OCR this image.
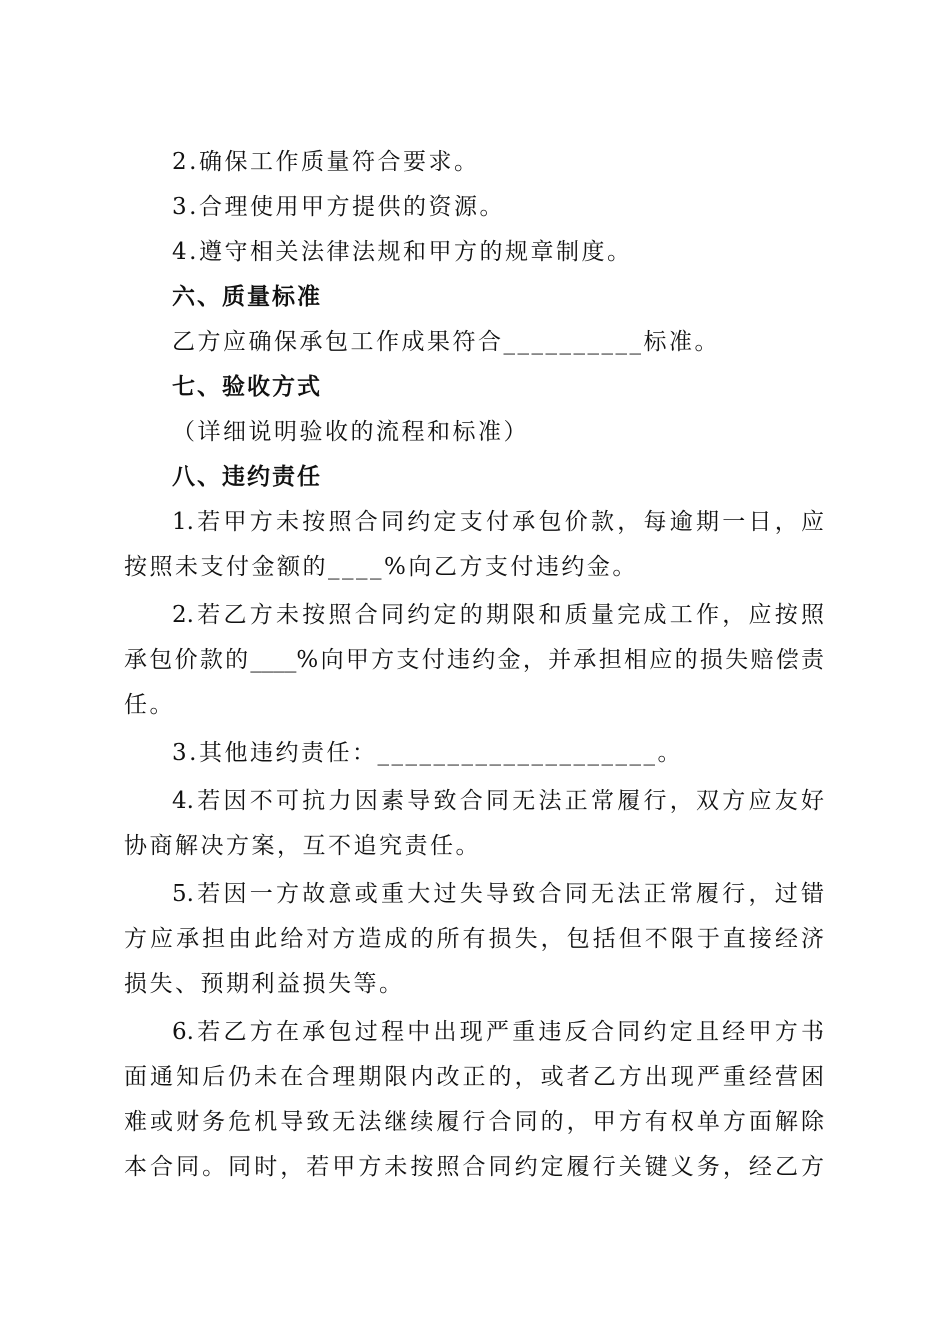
2.确保工作质量符合要求。
3.合理使用甲方提供的资源。
4.遵守相关法律法规和甲方的规章制度。
六、质量标准
乙方应确保承包工作成果符合__________标准。
七、验收方式
（详细说明验收的流程和标准）
八、违约责任
1.若甲方未按照合同约定支付承包价款，每逾期一日，应
按照未支付金额的____%向乙方支付违约金。
2.若乙方未按照合同约定的期限和质量完成工作，应按照
承包价款的____%向甲方支付违约金，并承担相应的损失赔偿责
任。
3.其他违约责任：____________________。
4.若因不可抗力因素导致合同无法正常履行，双方应友好
协商解决方案，互不追究责任。
5.若因一方故意或重大过失导致合同无法正常履行，过错
方应承担由此给对方造成的所有损失，包括但不限于直接经济
损失、预期利益损失等。
6.若乙方在承包过程中出现严重违反合同约定且经甲方书
面通知后仍未在合理期限内改正的，或者乙方出现严重经营困
难或财务危机导致无法继续履行合同的，甲方有权单方面解除
本合同。同时，若甲方未按照合同约定履行关键义务，经乙方
